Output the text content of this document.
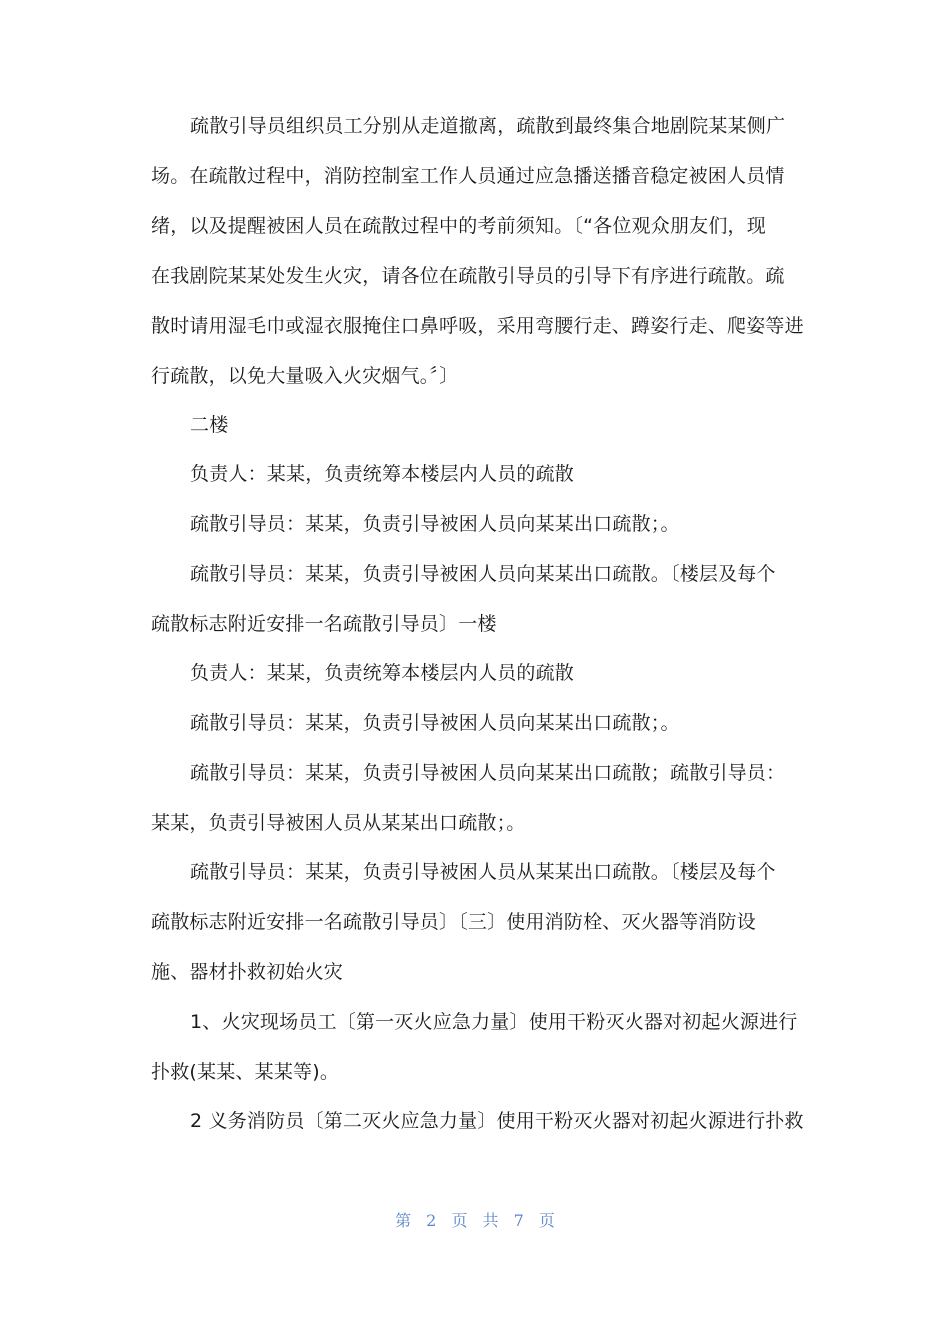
疏散引导员组织员工分别从走道撤离，疏散到最终集合地剧院某某侧广
场。在疏散过程中，消防控制室工作人员通过应急播送播音稳定被困人员情
绪，以及提醒被困人员在疏散过程中的考前须知。〔“各位观众朋友们，现
在我剧院某某处发生火灾，请各位在疏散引导员的引导下有序进行疏散。疏
散时请用湿毛巾或湿衣服掩住口鼻呼吸，采用弯腰行走、蹲姿行走、爬姿等进
行疏散，以免大量吸入火灾烟气。〞〕
二楼
负责人：某某，负责统筹本楼层内人员的疏散
疏散引导员：某某，负责引导被困人员向某某出口疏散；。
疏散引导员：某某，负责引导被困人员向某某出口疏散。〔楼层及每个
疏散标志附近安排一名疏散引导员〕一楼
负责人：某某，负责统筹本楼层内人员的疏散
疏散引导员：某某，负责引导被困人员向某某出口疏散；。
疏散引导员：某某，负责引导被困人员向某某出口疏散；疏散引导员：
某某，负责引导被困人员从某某出口疏散；。
疏散引导员：某某，负责引导被困人员从某某出口疏散。〔楼层及每个
疏散标志附近安排一名疏散引导员〕〔三〕使用消防栓、灭火器等消防设
施、器材扑救初始火灾
1、火灾现场员工〔第一灭火应急力量〕使用干粉灭火器对初起火源进行
扑救(某某、某某等)。
2 义务消防员〔第二灭火应急力量〕使用干粉灭火器对初起火源进行扑救
第 2 页 共 7 页
